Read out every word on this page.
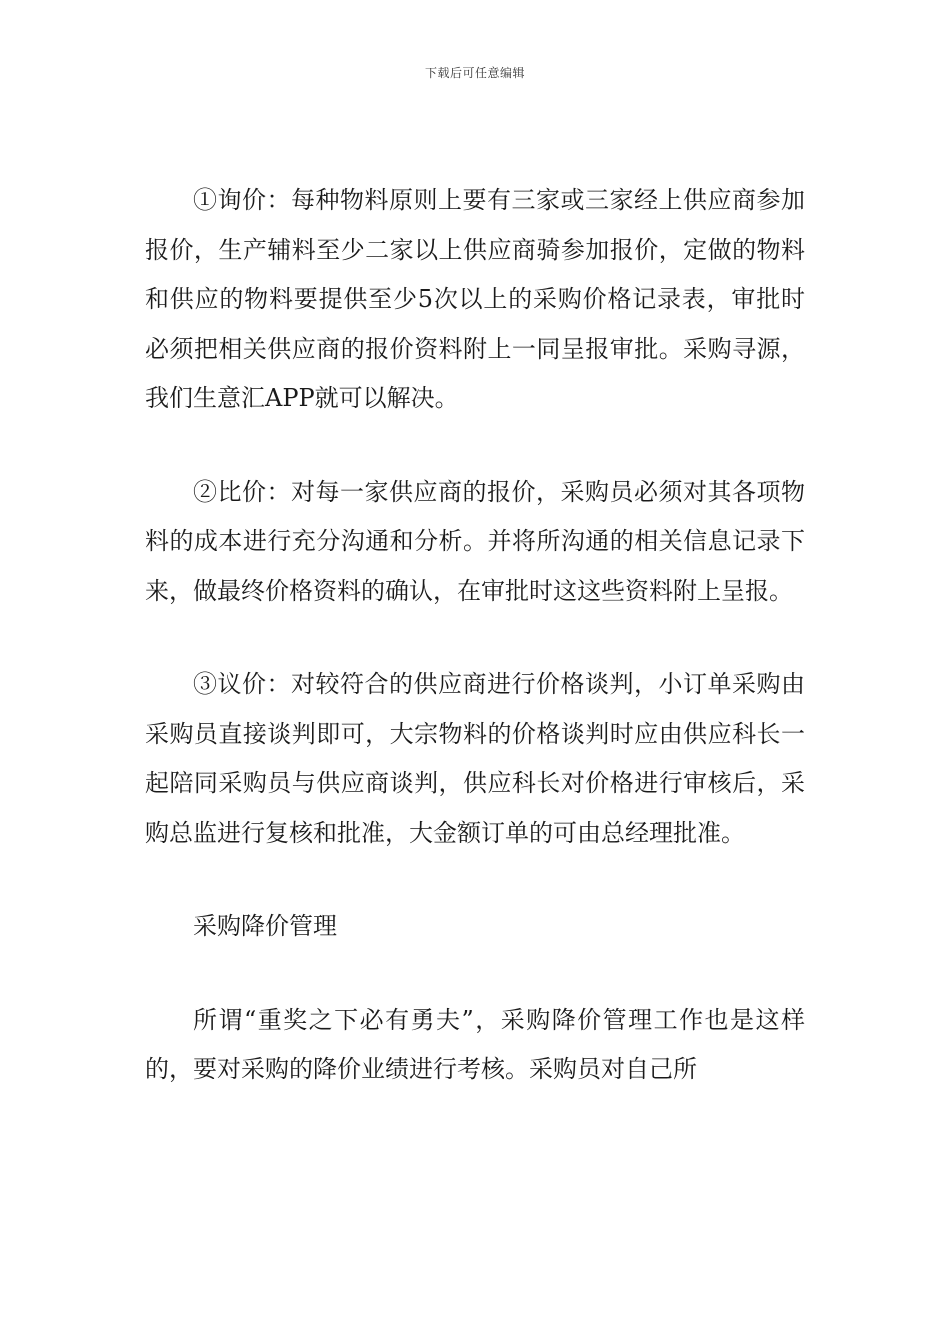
下载后可任意编辑

①询价：每种物料原则上要有三家或三家经上供应商参加报价，生产辅料至少二家以上供应商骑参加报价，定做的物料和供应的物料要提供至少5次以上的采购价格记录表，审批时必须把相关供应商的报价资料附上一同呈报审批。采购寻源，我们生意汇APP就可以解决。

②比价：对每一家供应商的报价，采购员必须对其各项物料的成本进行充分沟通和分析。并将所沟通的相关信息记录下来，做最终价格资料的确认，在审批时这这些资料附上呈报。

③议价：对较符合的供应商进行价格谈判，小订单采购由采购员直接谈判即可，大宗物料的价格谈判时应由供应科长一起陪同采购员与供应商谈判，供应科长对价格进行审核后，采购总监进行复核和批准，大金额订单的可由总经理批准。

采购降价管理

所谓“重奖之下必有勇夫”，采购降价管理工作也是这样的，要对采购的降价业绩进行考核。采购员对自己所
